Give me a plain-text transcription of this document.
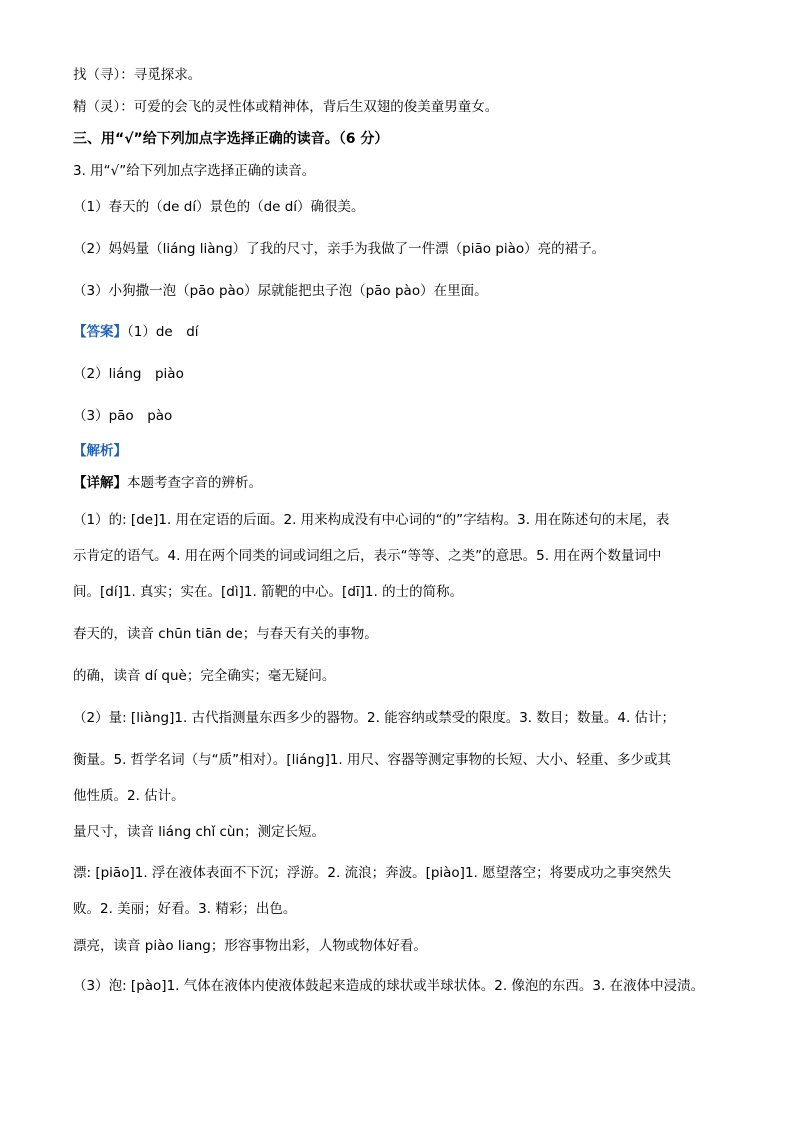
找（寻）：寻觅探求。
精（灵）：可爱的会飞的灵性体或精神体，背后生双翅的俊美童男童女。
三、用“√”给下列加点字选择正确的读音。（6 分）
3. 用“√”给下列加点字选择正确的读音。
（1）春天的（de dí）景色的（de dí）确很美。
（2）妈妈量（liáng liàng）了我的尺寸，亲手为我做了一件漂（piāo piào）亮的裙子。
（3）小狗撒一泡（pāo pào）尿就能把虫子泡（pāo pào）在里面。
【答案】（1）de　dí
（2）liáng　piào
（3）pāo　pào
【解析】
【详解】本题考查字音的辨析。
（1）的: [de]1. 用在定语的后面。2. 用来构成没有中心词的“的”字结构。3. 用在陈述句的末尾，表
示肯定的语气。4. 用在两个同类的词或词组之后，表示“等等、之类”的意思。5. 用在两个数量词中
间。[dí]1. 真实；实在。[dì]1. 箭靶的中心。[dī]1. 的士的简称。
春天的，读音 chūn tiān de；与春天有关的事物。
的确，读音 dí què；完全确实；毫无疑问。
（2）量: [liàng]1. 古代指测量东西多少的器物。2. 能容纳或禁受的限度。3. 数目；数量。4. 估计；
衡量。5. 哲学名词（与“质”相对）。[liáng]1. 用尺、容器等测定事物的长短、大小、轻重、多少或其
他性质。2. 估计。
量尺寸，读音 liáng chǐ cùn；测定长短。
漂: [piāo]1. 浮在液体表面不下沉；浮游。2. 流浪；奔波。[piào]1. 愿望落空；将要成功之事突然失
败。2. 美丽；好看。3. 精彩；出色。
漂亮，读音 piào liang；形容事物出彩，人物或物体好看。
（3）泡: [pào]1. 气体在液体内使液体鼓起来造成的球状或半球状体。2. 像泡的东西。3. 在液体中浸渍。
